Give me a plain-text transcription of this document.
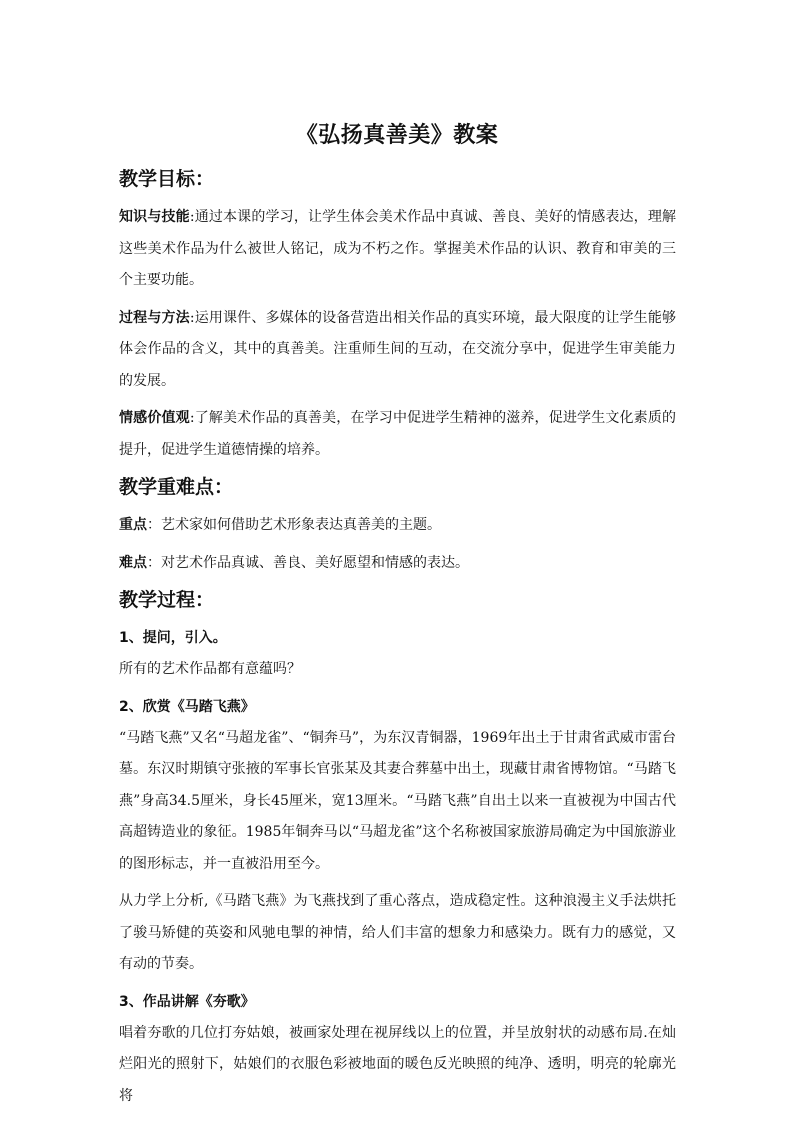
《弘扬真善美》教案
教学目标：
知识与技能:通过本课的学习，让学生体会美术作品中真诚、善良、美好的情感表达，理解这些美术作品为什么被世人铭记，成为不朽之作。掌握美术作品的认识、教育和审美的三个主要功能。
过程与方法:运用课件、多媒体的设备营造出相关作品的真实环境，最大限度的让学生能够体会作品的含义，其中的真善美。注重师生间的互动，在交流分享中，促进学生审美能力的发展。
情感价值观:了解美术作品的真善美，在学习中促进学生精神的滋养，促进学生文化素质的提升，促进学生道德情操的培养。
教学重难点：
重点：艺术家如何借助艺术形象表达真善美的主题。
难点：对艺术作品真诚、善良、美好愿望和情感的表达。
教学过程：
1、提问，引入。
所有的艺术作品都有意蕴吗？
2、欣赏《马踏飞燕》
“马踏飞燕”又名“马超龙雀”、“铜奔马”，为东汉青铜器，1969年出土于甘肃省武威市雷台墓。东汉时期镇守张掖的军事长官张某及其妻合葬墓中出土，现藏甘肃省博物馆。“马踏飞燕”身高34.5厘米，身长45厘米，宽13厘米。“马踏飞燕”自出土以来一直被视为中国古代高超铸造业的象征。1985年铜奔马以“马超龙雀”这个名称被国家旅游局确定为中国旅游业的图形标志，并一直被沿用至今。
从力学上分析,《马踏飞燕》为飞燕找到了重心落点，造成稳定性。这种浪漫主义手法烘托了骏马矫健的英姿和风驰电掣的神情，给人们丰富的想象力和感染力。既有力的感觉，又有动的节奏。
3、作品讲解《夯歌》
唱着夯歌的几位打夯姑娘，被画家处理在视屏线以上的位置，并呈放射状的动感布局.在灿烂阳光的照射下，姑娘们的衣服色彩被地面的暖色反光映照的纯净、透明，明亮的轮廓光将
